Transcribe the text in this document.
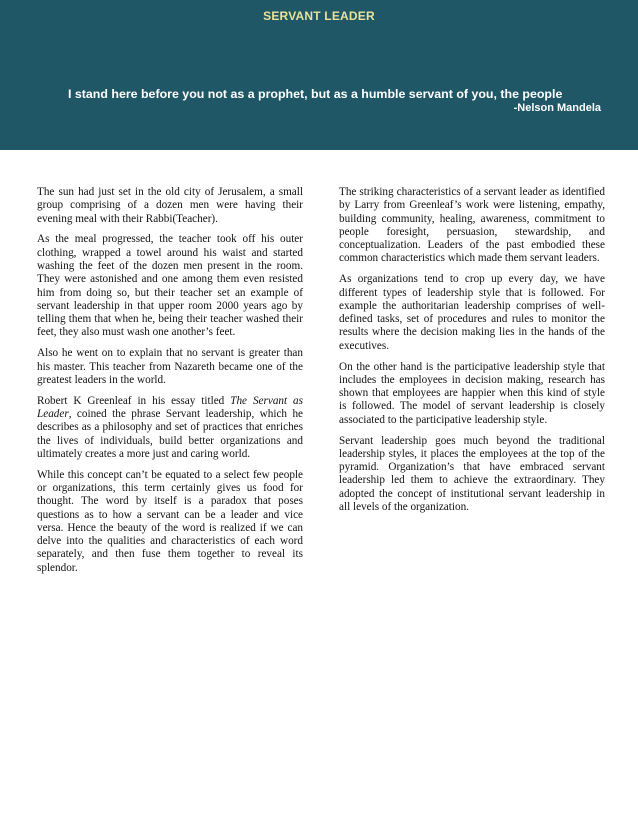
SERVANT LEADER
I stand here before you not as a prophet, but as a humble servant of you, the people
-Nelson Mandela

The sun had just set in the old city of Jerusalem, a small group comprising of a dozen men were having their evening meal with their Rabbi(Teacher).

As the meal progressed, the teacher took off his outer clothing, wrapped a towel around his waist and started washing the feet of the dozen men present in the room. They were astonished and one among them even resisted him from doing so, but their teacher set an example of servant leadership in that upper room 2000 years ago by telling them that when he, being their teacher washed their feet, they also must wash one another’s feet.

Also he went on to explain that no servant is greater than his master. This teacher from Nazareth became one of the greatest leaders in the world.

Robert K Greenleaf in his essay titled The Servant as Leader, coined the phrase Servant leadership, which he describes as a philosophy and set of practices that enriches the lives of individuals, build better organizations and ultimately creates a more just and caring world.

While this concept can’t be equated to a select few people or organizations, this term certainly gives us food for thought. The word by itself is a paradox that poses questions as to how a servant can be a leader and vice versa. Hence the beauty of the word is realized if we can delve into the qualities and characteristics of each word separately, and then fuse them together to reveal its splendor.

The striking characteristics of a servant leader as identified by Larry from Greenleaf’s work were listening, empathy, building community, healing, awareness, commitment to people foresight, persuasion, stewardship, and conceptualization. Leaders of the past embodied these common characteristics which made them servant leaders.

As organizations tend to crop up every day, we have different types of leadership style that is followed. For example the authoritarian leadership comprises of well-defined tasks, set of procedures and rules to monitor the results where the decision making lies in the hands of the executives.

On the other hand is the participative leadership style that includes the employees in decision making, research has shown that employees are happier when this kind of style is followed. The model of servant leadership is closely associated to the participative leadership style.

Servant leadership goes much beyond the traditional leadership styles, it places the employees at the top of the pyramid. Organization’s that have embraced servant leadership led them to achieve the extraordinary. They adopted the concept of institutional servant leadership in all levels of the organization.
